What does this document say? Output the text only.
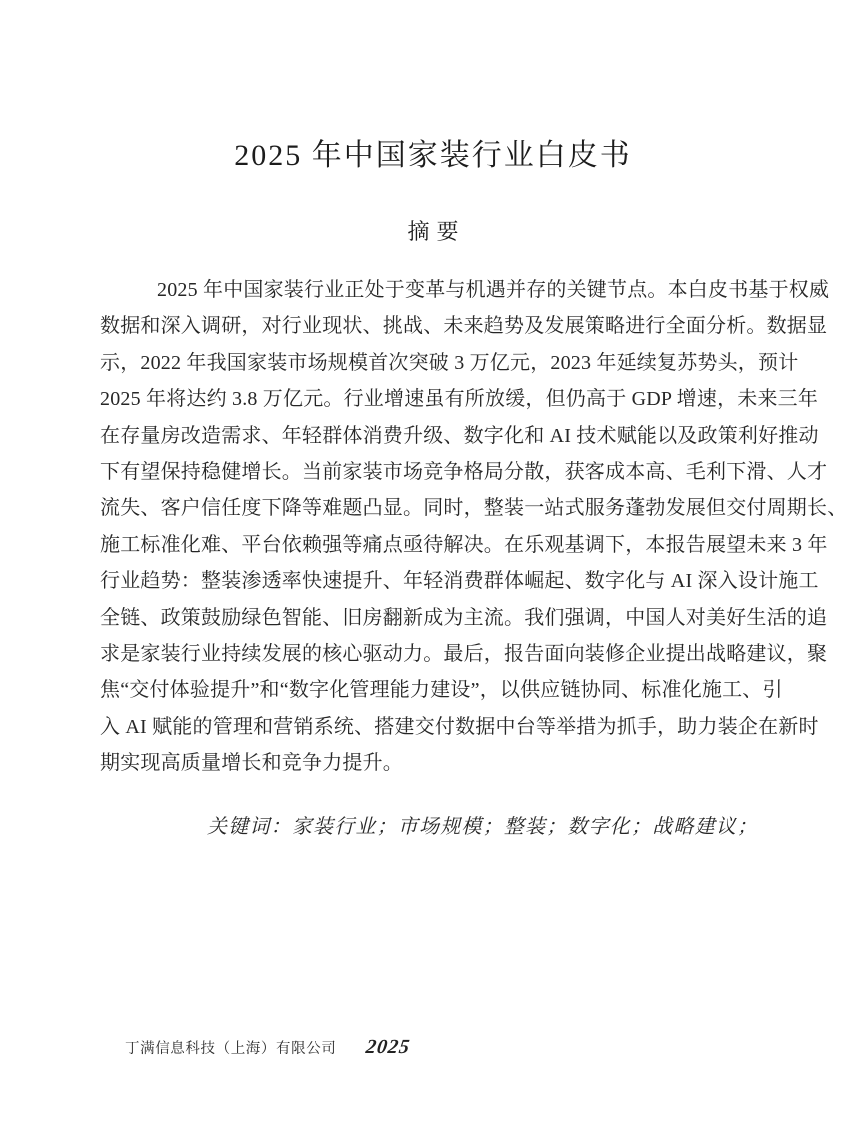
2025 年中国家装行业白皮书
摘要
2025 年中国家装行业正处于变革与机遇并存的关键节点。本白皮书基于权威
数据和深入调研，对行业现状、挑战、未来趋势及发展策略进行全面分析。数据显
示，2022 年我国家装市场规模首次突破 3 万亿元，2023 年延续复苏势头，预计
2025 年将达约 3.8 万亿元。行业增速虽有所放缓，但仍高于 GDP 增速，未来三年
在存量房改造需求、年轻群体消费升级、数字化和 AI 技术赋能以及政策利好推动
下有望保持稳健增长。当前家装市场竞争格局分散，获客成本高、毛利下滑、人才
流失、客户信任度下降等难题凸显。同时，整装一站式服务蓬勃发展但交付周期长、
施工标准化难、平台依赖强等痛点亟待解决。在乐观基调下，本报告展望未来 3 年
行业趋势：整装渗透率快速提升、年轻消费群体崛起、数字化与 AI 深入设计施工
全链、政策鼓励绿色智能、旧房翻新成为主流。我们强调，中国人对美好生活的追
求是家装行业持续发展的核心驱动力。最后，报告面向装修企业提出战略建议，聚
焦“交付体验提升”和“数字化管理能力建设”，以供应链协同、标准化施工、引
入 AI 赋能的管理和营销系统、搭建交付数据中台等举措为抓手，助力装企在新时
期实现高质量增长和竞争力提升。
关键词：家装行业；市场规模；整装；数字化；战略建议；
丁满信息科技（上海）有限公司 2025
